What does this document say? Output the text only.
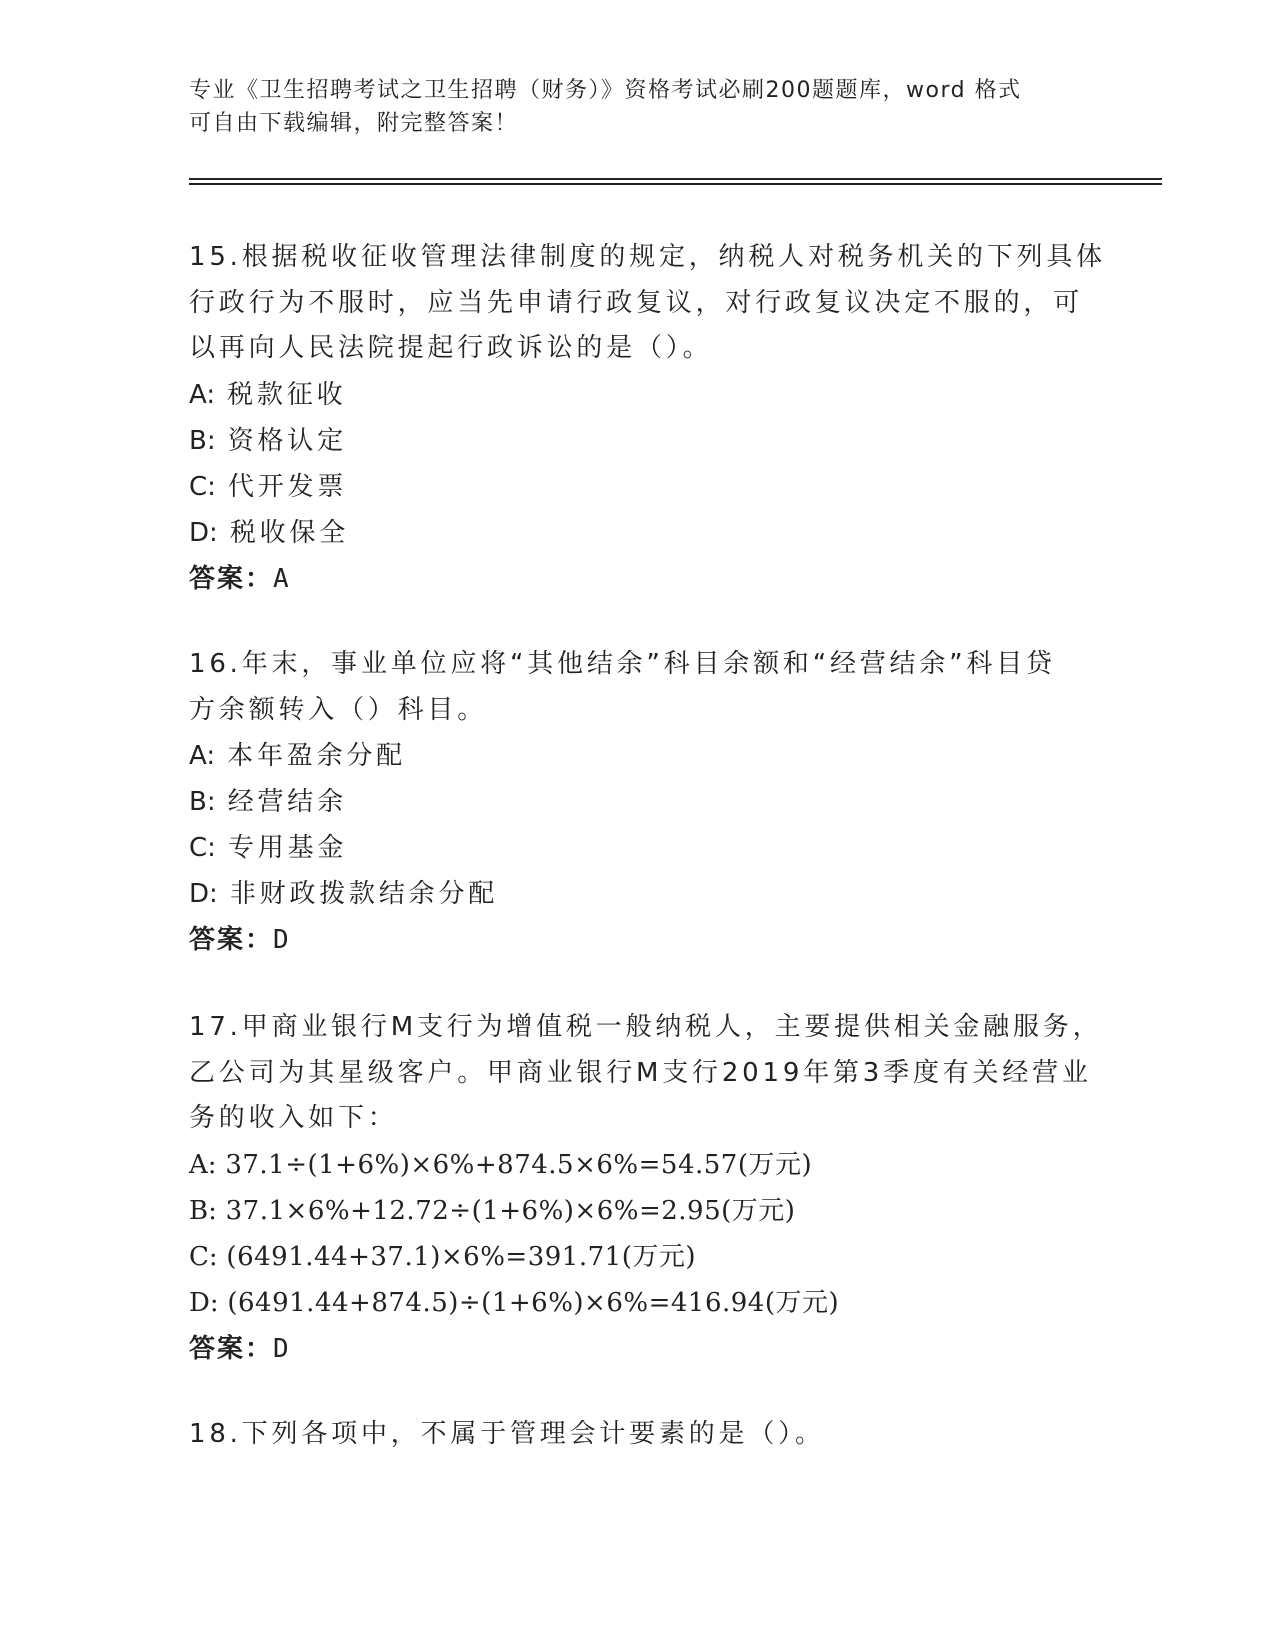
专业《卫生招聘考试之卫生招聘（财务）》资格考试必刷200题题库，word 格式
可自由下载编辑，附完整答案！
15.根据税收征收管理法律制度的规定，纳税人对税务机关的下列具体
行政行为不服时，应当先申请行政复议，对行政复议决定不服的，可
以再向人民法院提起行政诉讼的是（）。
A: 税款征收
B: 资格认定
C: 代开发票
D: 税收保全
答案：A
16.年末，事业单位应将“其他结余”科目余额和“经营结余”科目贷
方余额转入（）科目。
A: 本年盈余分配
B: 经营结余
C: 专用基金
D: 非财政拨款结余分配
答案：D
17.甲商业银行M支行为增值税一般纳税人，主要提供相关金融服务，
乙公司为其星级客户。甲商业银行M支行2019年第3季度有关经营业
务的收入如下：
A: 37.1÷(1+6%)×6%+874.5×6%=54.57(万元)
B: 37.1×6%+12.72÷(1+6%)×6%=2.95(万元)
C: (6491.44+37.1)×6%=391.71(万元)
D: (6491.44+874.5)÷(1+6%)×6%=416.94(万元)
答案：D
18.下列各项中，不属于管理会计要素的是（）。
